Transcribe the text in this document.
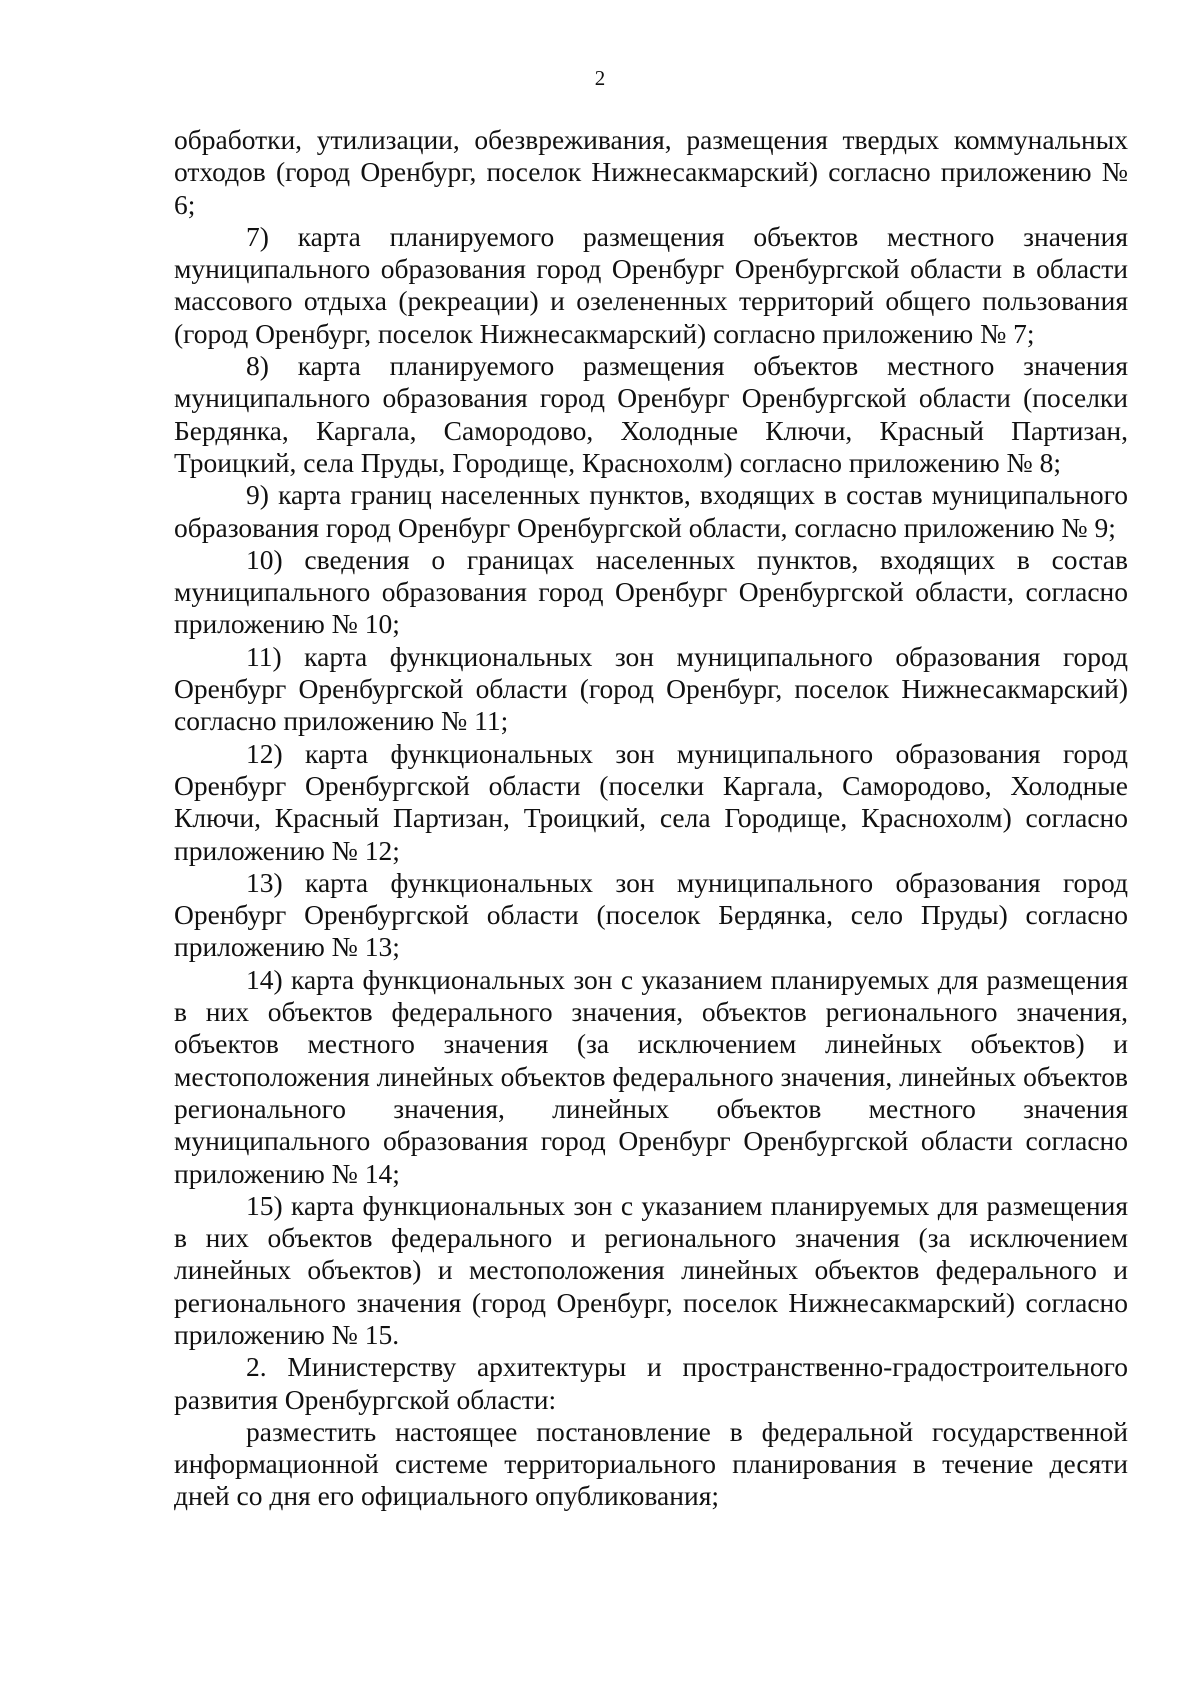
2

обработки, утилизации, обезвреживания, размещения твердых коммунальных отходов (город Оренбург, поселок Нижнесакмарский) согласно приложению № 6;

7) карта планируемого размещения объектов местного значения муниципального образования город Оренбург Оренбургской области в области массового отдыха (рекреации) и озелененных территорий общего пользования (город Оренбург, поселок Нижнесакмарский) согласно приложению № 7;

8) карта планируемого размещения объектов местного значения муниципального образования город Оренбург Оренбургской области (поселки Бердянка, Каргала, Самородово, Холодные Ключи, Красный Партизан, Троицкий, села Пруды, Городище, Краснохолм) согласно приложению № 8;

9) карта границ населенных пунктов, входящих в состав муниципального образования город Оренбург Оренбургской области, согласно приложению № 9;

10) сведения о границах населенных пунктов, входящих в состав муниципального образования город Оренбург Оренбургской области, согласно приложению № 10;

11) карта функциональных зон муниципального образования город Оренбург Оренбургской области (город Оренбург, поселок Нижнесакмарский) согласно приложению № 11;

12) карта функциональных зон муниципального образования город Оренбург Оренбургской области (поселки Каргала, Самородово, Холодные Ключи, Красный Партизан, Троицкий, села Городище, Краснохолм) согласно приложению № 12;

13) карта функциональных зон муниципального образования город Оренбург Оренбургской области (поселок Бердянка, село Пруды) согласно приложению № 13;

14) карта функциональных зон с указанием планируемых для размещения в них объектов федерального значения, объектов регионального значения, объектов местного значения (за исключением линейных объектов) и местоположения линейных объектов федерального значения, линейных объектов регионального значения, линейных объектов местного значения муниципального образования город Оренбург Оренбургской области согласно приложению № 14;

15) карта функциональных зон с указанием планируемых для размещения в них объектов федерального и регионального значения (за исключением линейных объектов) и местоположения линейных объектов федерального и регионального значения (город Оренбург, поселок Нижнесакмарский) согласно приложению № 15.

2. Министерству архитектуры и пространственно-градостроительного развития Оренбургской области:

разместить настоящее постановление в федеральной государственной информационной системе территориального планирования в течение десяти дней со дня его официального опубликования;
